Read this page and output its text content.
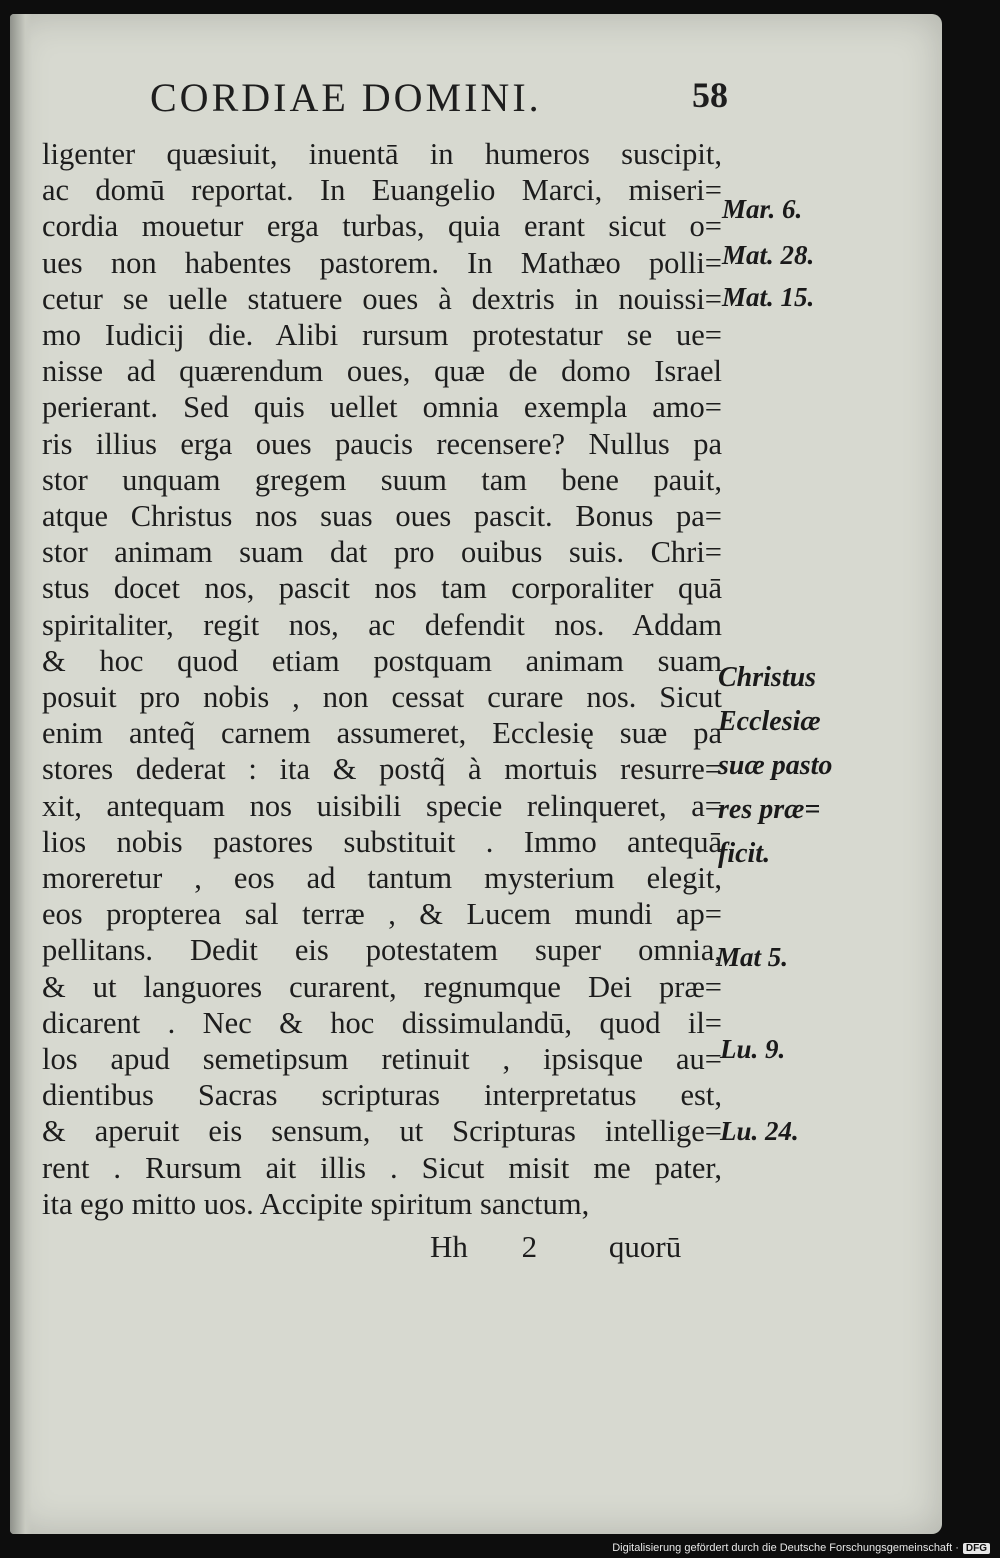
CORDIAE DOMINI.	58
ligenter quæsiuit, inuentā in humeros suscipit,
ac domū reportat. In Euangelio Marci, miseri=
cordia mouetur erga turbas, quia erant sicut o=
ues non habentes pastorem. In Mathæo polli=
cetur se uelle statuere oues à dextris in nouissi=
mo Iudicij die. Alibi rursum protestatur se ue=
nisse ad quærendum oues, quæ de domo Israel
perierant. Sed quis uellet omnia exempla amo=
ris illius erga oues paucis recensere? Nullus pa
stor unquam gregem suum tam bene pauit,
atque Christus nos suas oues pascit. Bonus pa=
stor animam suam dat pro ouibus suis. Chri=
stus docet nos, pascit nos tam corporaliter quā
spiritaliter, regit nos, ac defendit nos. Addam
& hoc quod etiam postquam animam suam
posuit pro nobis , non cessat curare nos. Sicut
enim anteq̃ carnem assumeret, Ecclesię suæ pa
stores dederat : ita & postq̃ à mortuis resurre=
xit, antequam nos uisibili specie relinqueret, a=
lios nobis pastores substituit . Immo antequā
moreretur , eos ad tantum mysterium elegit,
eos propterea sal terræ , & Lucem mundi ap=
pellitans. Dedit eis potestatem super omnia,
& ut languores curarent, regnumque Dei præ=
dicarent . Nec & hoc dissimulandū, quod il=
los apud semetipsum retinuit , ipsisque au=
dientibus Sacras scripturas interpretatus est,
& aperuit eis sensum, ut Scripturas intellige=
rent . Rursum ait illis . Sicut misit me pater,
ita ego mitto uos. Accipite spiritum sanctum,
Hh 2 quorū
Mar. 6.
Mat. 28.
Mat. 15.
Christus
Ecclesiæ
suæ pasto
res præ=
ficit.
Mat 5.
Lu. 9.
Lu. 24.
Digitalisierung gefördert durch die Deutsche Forschungsgemeinschaft · DFG
